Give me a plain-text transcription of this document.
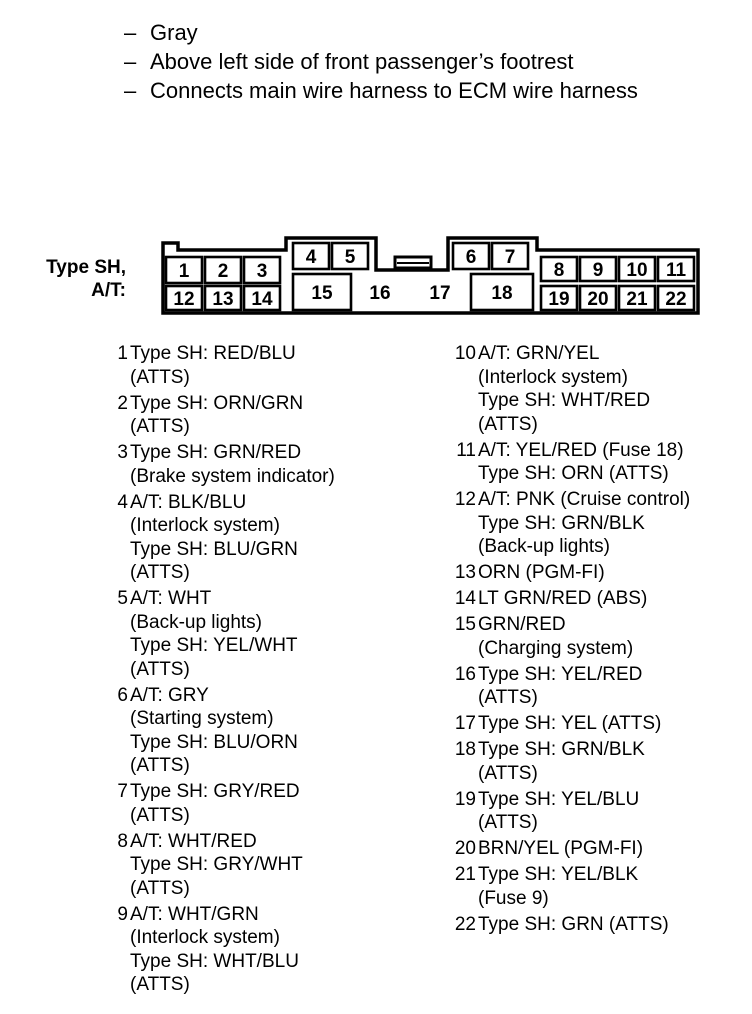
– Gray
– Above left side of front passenger’s footrest
– Connects main wire harness to ECM wire harness
Type SH,
A/T:
1 2 3
4 5	6 7
8 9 10 11
12 13 14 15 16 17 18 19 20 21 22
1 Type SH: RED/BLU
(ATTS)
2 Type SH: ORN/GRN
(ATTS)
3 Type SH: GRN/RED
(Brake system indicator)
4 A/T: BLK/BLU
(Interlock system)
Type SH: BLU/GRN
(ATTS)
5 A/T: WHT
(Back-up lights)
Type SH: YEL/WHT
(ATTS)
6 A/T: GRY
(Starting system)
Type SH: BLU/ORN
(ATTS)
7 Type SH: GRY/RED
(ATTS)
8 A/T: WHT/RED
Type SH: GRY/WHT
(ATTS)
9 A/T: WHT/GRN
(Interlock system)
Type SH: WHT/BLU
(ATTS)
10 A/T: GRN/YEL
(Interlock system)
Type SH: WHT/RED
(ATTS)
11 A/T: YEL/RED (Fuse 18)
Type SH: ORN (ATTS)
12 A/T: PNK (Cruise control)
Type SH: GRN/BLK
(Back-up lights)
13 ORN (PGM-FI)
14 LT GRN/RED (ABS)
15 GRN/RED
(Charging system)
16 Type SH: YEL/RED
(ATTS)
17 Type SH: YEL (ATTS)
18 Type SH: GRN/BLK
(ATTS)
19 Type SH: YEL/BLU
(ATTS)
20 BRN/YEL (PGM-FI)
21 Type SH: YEL/BLK
(Fuse 9)
22 Type SH: GRN (ATTS)
